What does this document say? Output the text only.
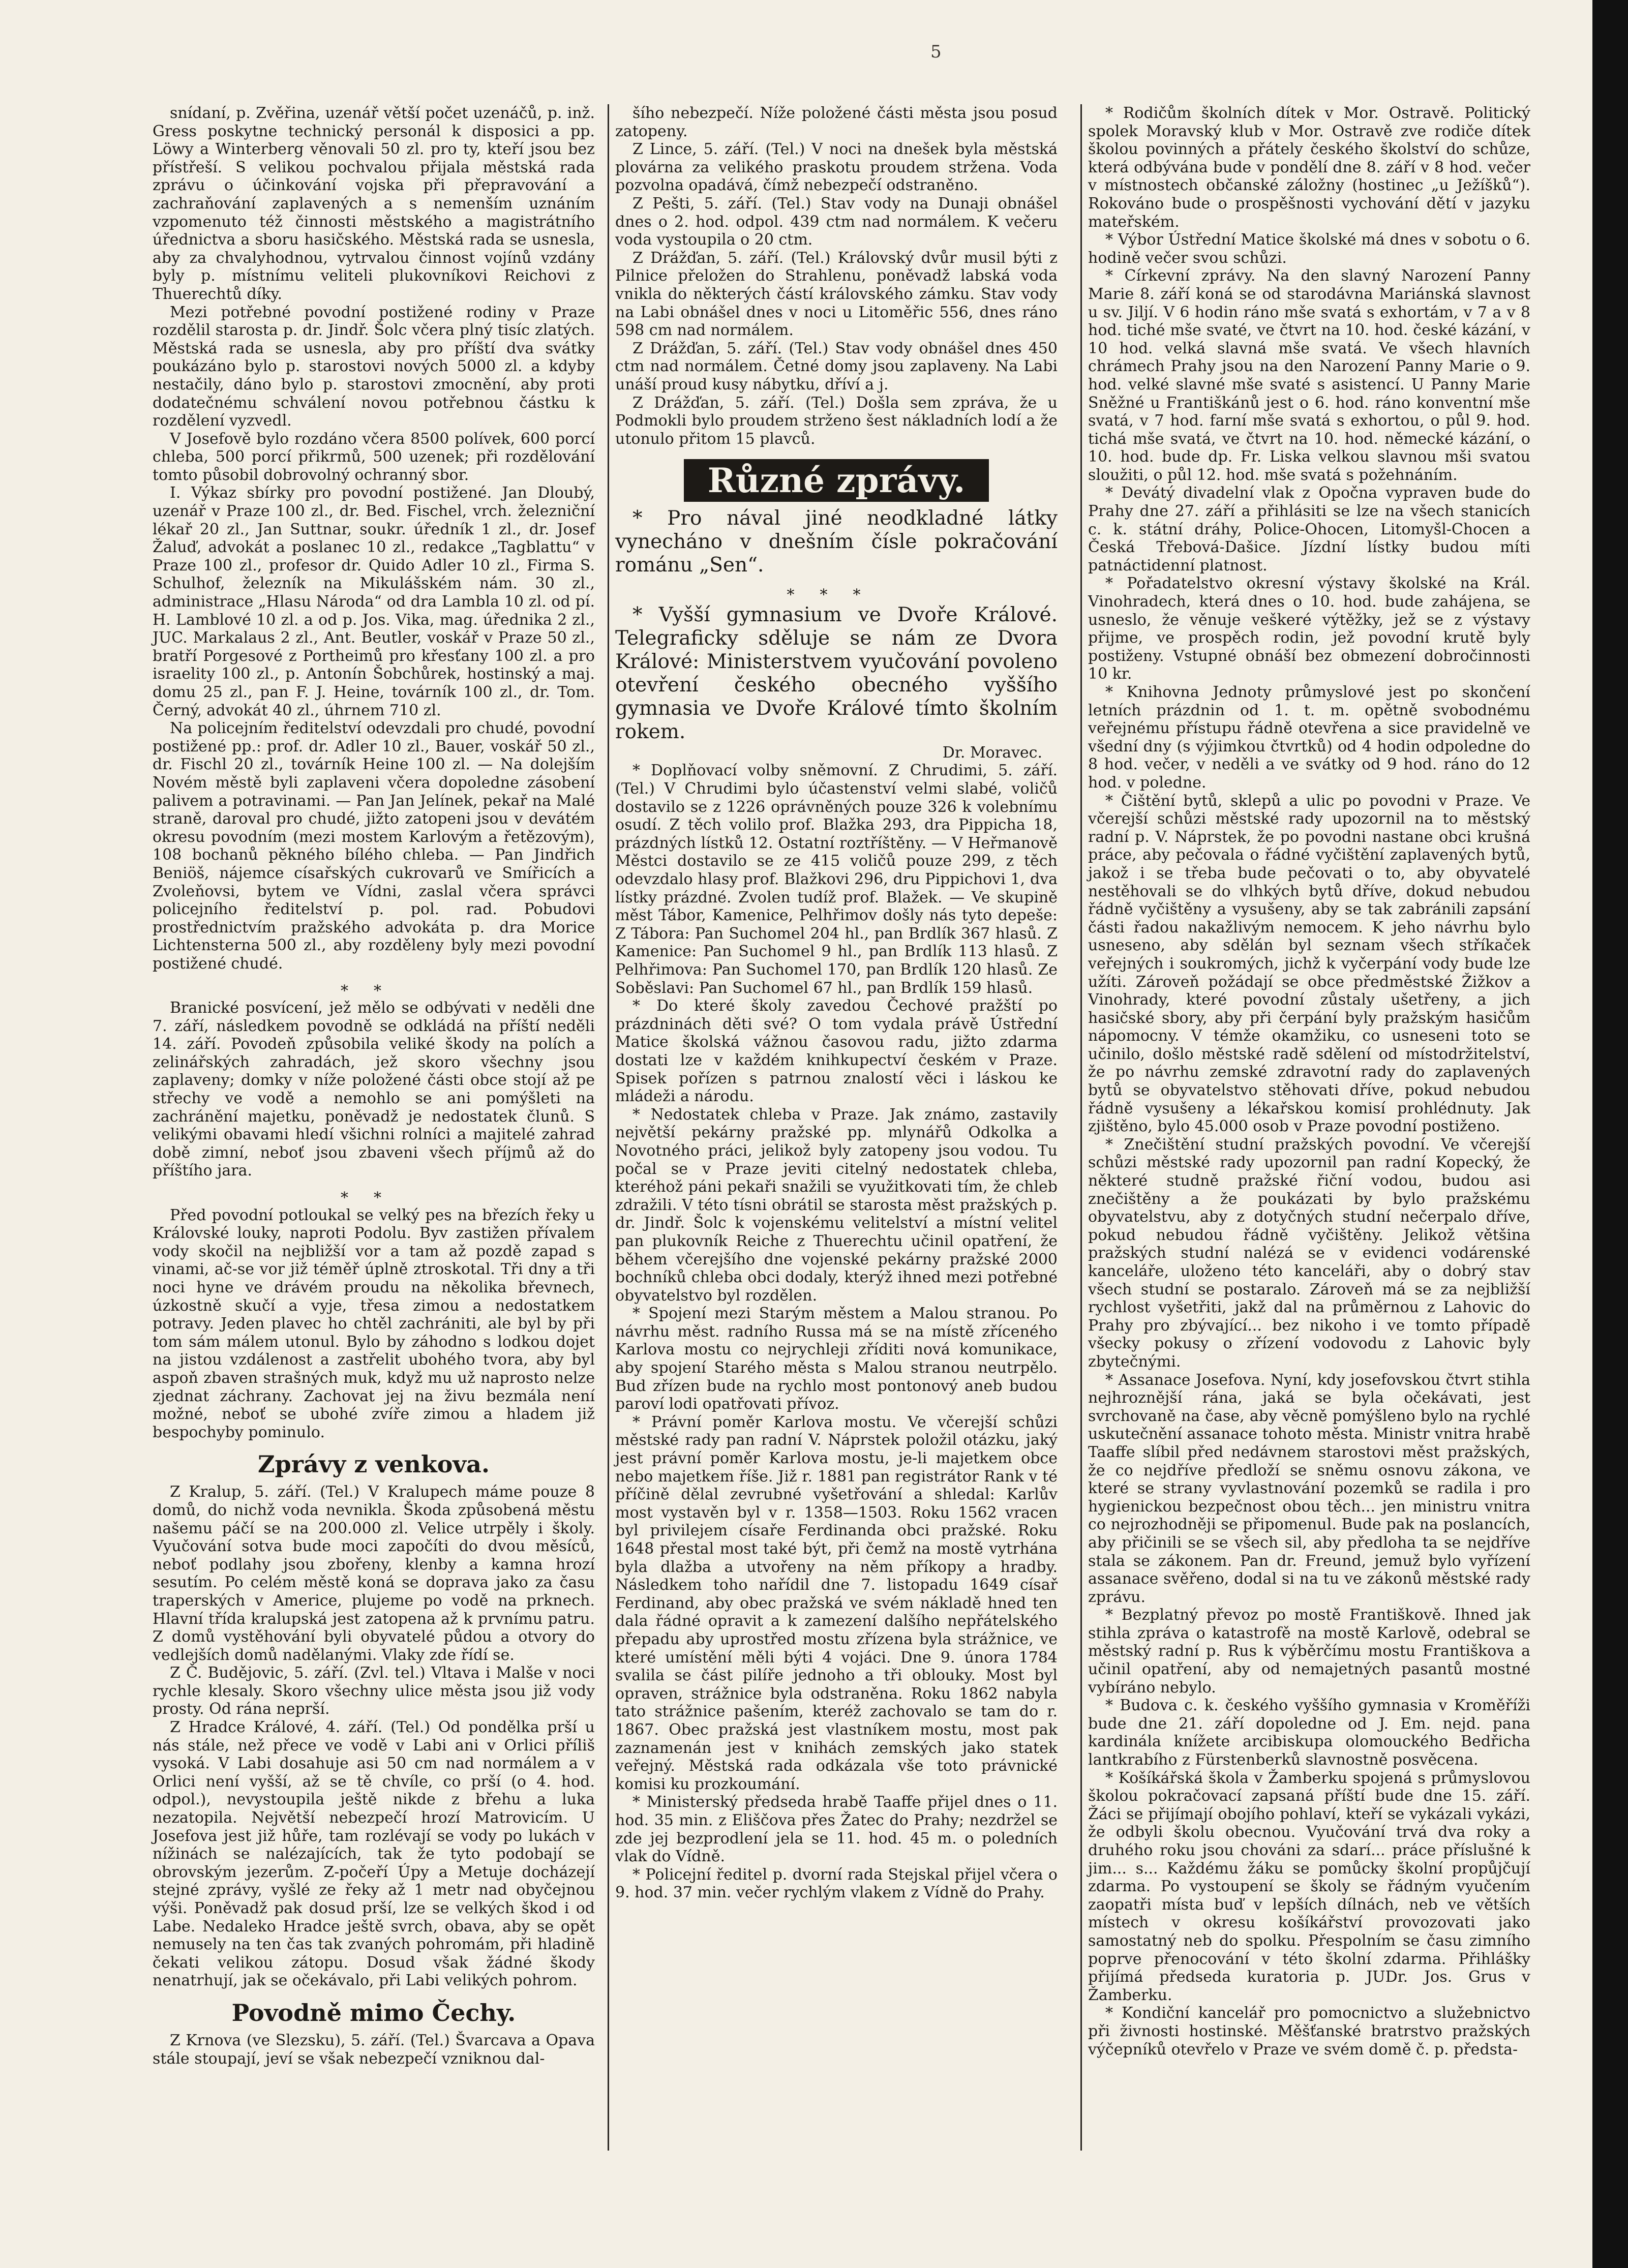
5

snídaní, p. Zvěřina, uzenář větší počet uzenáčů, p. inž. Gress poskytne technický personál k disposici a pp. Löwy a Winterberg věnovali 50 zl. pro ty, kteří jsou bez přístřeší. S velikou pochvalou přijala městská rada zprávu o účinkování vojska při přepravování a zachraňování zaplavených a s nemenším uznáním vzpomenuto též činnosti městského a magistrátního úřednictva a sboru hasičského. Městská rada se usnesla, aby za chvalyhodnou, vytrvalou činnost vojínů vzdány byly p. místnímu veliteli plukovníkovi Reichovi z Thuerechtů díky.

Mezi potřebné povodní postižené rodiny v Praze rozdělil starosta p. dr. Jindř. Šolc včera plný tisíc zlatých. Městská rada se usnesla, aby pro příští dva svátky poukázáno bylo p. starostovi nových 5000 zl. a kdyby nestačily, dáno bylo p. starostovi zmocnění, aby proti dodatečnému schválení novou potřebnou částku k rozdělení vyzvedl.

V Josefově bylo rozdáno včera 8500 polívek, 600 porcí chleba, 500 porcí přikrmů, 500 uzenek; při rozdělování tomto působil dobrovolný ochranný sbor.

I. Výkaz sbírky pro povodní postižené. Jan Dloubý, uzenář v Praze 100 zl., dr. Bed. Fischel, vrch. železniční lékař 20 zl., Jan Suttnar, soukr. úředník 1 zl., dr. Josef Žaluď, advokát a poslanec 10 zl., redakce „Tagblattu“ v Praze 100 zl., profesor dr. Quido Adler 10 zl., Firma S. Schulhof, železník na Mikulášském nám. 30 zl., administrace „Hlasu Národa“ od dra Lambla 10 zl. od pí. H. Lamblové 10 zl. a od p. Jos. Vika, mag. úřednika 2 zl., JUC. Markalaus 2 zl., Ant. Beutler, voskář v Praze 50 zl., bratří Porgesové z Portheimů pro křesťany 100 zl. a pro israelity 100 zl., p. Antonín Šobchůrek, hostinský a maj. domu 25 zl., pan F. J. Heine, továrník 100 zl., dr. Tom. Černý, advokát 40 zl., úhrnem 710 zl.

Na policejním ředitelství odevzdali pro chudé, povodní postižené pp.: prof. dr. Adler 10 zl., Bauer, voskář 50 zl., dr. Fischl 20 zl., továrník Heine 100 zl. — Na dolejším Novém městě byli zaplaveni včera dopoledne zásobení palivem a potravinami. — Pan Jan Jelínek, pekař na Malé straně, daroval pro chudé, jižto zatopeni jsou v devátém okresu povodním (mezi mostem Karlovým a řetězovým), 108 bochanů pěkného bílého chleba. — Pan Jindřich Beniöš, nájemce císařských cukrovarů ve Smířicích a Zvoleňovsi, bytem ve Vídni, zaslal včera správci policejního ředitelství p. pol. rad. Pobudovi prostřednictvím pražského advokáta p. dra Morice Lichtensterna 500 zl., aby rozděleny byly mezi povodní postižené chudé.

⁎⁎

Branické posvícení, jež mělo se odbývati v neděli dne 7. září, následkem povodně se odkládá na příští neděli 14. září. Povodeň způsobila veliké škody na polích a zelinářských zahradách, jež skoro všechny jsou zaplaveny; domky v níže položené části obce stojí až pe střechy ve vodě a nemohlo se ani pomýšleti na zachránění majetku, poněvadž je nedostatek člunů. S velikými obavami hledí všichni rolníci a majitelé zahrad době zimní, neboť jsou zbaveni všech příjmů až do příštího jara.

⁎⁎

Před povodní potloukal se velký pes na březích řeky u Královské louky, naproti Podolu. Byv zastižen přívalem vody skočil na nejbližší vor a tam až pozdě zapad s vinami, ač-se vor již téměř úplně ztroskotal. Tři dny a tři noci hyne ve drávém proudu na několika břevnech, úzkostně skučí a vyje, třesa zimou a nedostatkem potravy. Jeden plavec ho chtěl zachrániti, ale byl by při tom sám málem utonul. Bylo by záhodno s lodkou dojet na jistou vzdálenost a zastřelit ubohého tvora, aby byl aspoň zbaven strašných muk, když mu už naprosto nelze zjednat záchrany. Zachovat jej na živu bezmála není možné, neboť se ubohé zvíře zimou a hladem již bespochyby pominulo.

Zprávy z venkova.

Z Kralup, 5. září. (Tel.) V Kralupech máme pouze 8 domů, do nichž voda nevnikla. Škoda způsobená městu našemu páčí se na 200.000 zl. Velice utrpěly i školy. Vyučování sotva bude moci započíti do dvou měsíců, neboť podlahy jsou zbořeny, klenby a kamna hrozí sesutím. Po celém městě koná se doprava jako za času traperských v Americe, plujeme po vodě na prknech. Hlavní třída kralupská jest zatopena až k prvnímu patru. Z domů vystěhování byli obyvatelé půdou a otvory do vedlejších domů nadělanými. Vlaky zde řídí se.

Z Č. Budějovic, 5. září. (Zvl. tel.) Vltava i Malše v noci rychle klesaly. Skoro všechny ulice města jsou již vody prosty. Od rána neprší.

Z Hradce Králové, 4. září. (Tel.) Od pondělka prší u nás stále, než přece ve vodě v Labi ani v Orlici příliš vysoká. V Labi dosahuje asi 50 cm nad normálem a v Orlici není vyšší, až se tě chvíle, co prší (o 4. hod. odpol.), nevystoupila ještě nikde z břehu a luka nezatopila. Největší nebezpečí hrozí Matrovicím. U Josefova jest již hůře, tam rozlévají se vody po lukách v nížinách se nalézajících, tak že tyto podobají se obrovským jezerům. Z-počeří Úpy a Metuje docházejí stejné zprávy, vyšlé ze řeky až 1 metr nad obyčejnou výši. Poněvadž pak dosud prší, lze se velkých škod i od Labe. Nedaleko Hradce ještě svrch, obava, aby se opět nemusely na ten čas tak zvaných pohromám, při hladině čekati velikou zátopu. Dosud však žádné škody nenatrhují, jak se očekávalo, při Labi velikých pohrom.

Povodně mimo Čechy.

Z Krnova (ve Slezsku), 5. září. (Tel.) Švarcava a Opava stále stoupají, jeví se však nebezpečí vzniknou dal-

šího nebezpečí. Níže položené části města jsou posud zatopeny.

Z Lince, 5. září. (Tel.) V noci na dnešek byla městská plovárna za velikého praskotu proudem stržena. Voda pozvolna opadává, čímž nebezpečí odstraněno.

Z Pešti, 5. září. (Tel.) Stav vody na Dunaji obnášel dnes o 2. hod. odpol. 439 ctm nad normálem. K večeru voda vystoupila o 20 ctm.

Z Drážďan, 5. září. (Tel.) Královský dvůr musil býti z Pilnice přeložen do Strahlenu, poněvadž labská voda vnikla do některých částí královského zámku. Stav vody na Labi obnášel dnes v noci u Litoměřic 556, dnes ráno 598 cm nad normálem.

Z Drážďan, 5. září. (Tel.) Stav vody obnášel dnes 450 ctm nad normálem. Četné domy jsou zaplaveny. Na Labi unáší proud kusy nábytku, dříví a j.

Z Drážďan, 5. září. (Tel.) Došla sem zpráva, že u Podmokli bylo proudem strženo šest nákladních lodí a že utonulo přitom 15 plavců.

Různé zprávy.

* Pro nával jiné neodkladné látky vynecháno v dnešním čísle pokračování románu „Sen“.

⁎⁎⁎

* Vyšší gymnasium ve Dvoře Králové. Telegraficky sděluje se nám ze Dvora Králové: Ministerstvem vyučování povoleno otevření českého obecného vyššího gymnasia ve Dvoře Králové tímto školním rokem.

Dr. Moravec.

* Doplňovací volby sněmovní. Z Chrudimi, 5. září. (Tel.) V Chrudimi bylo účastenství velmi slabé, voličů dostavilo se z 1226 oprávněných pouze 326 k volebnímu osudí. Z těch volilo prof. Blažka 293, dra Pippicha 18, prázdných lístků 12. Ostatní roztříštěny. — V Heřmanově Městci dostavilo se ze 415 voličů pouze 299, z těch odevzdalo hlasy prof. Blažkovi 296, dru Pippichovi 1, dva lístky prázdné. Zvolen tudíž prof. Blažek. — Ve skupině měst Tábor, Kamenice, Pelhřimov došly nás tyto depeše: Z Tábora: Pan Suchomel 204 hl., pan Brdlík 367 hlasů. Z Kamenice: Pan Suchomel 9 hl., pan Brdlík 113 hlasů. Z Pelhřimova: Pan Suchomel 170, pan Brdlík 120 hlasů. Ze Soběslavi: Pan Suchomel 67 hl., pan Brdlík 159 hlasů.

* Do které školy zavedou Čechové pražští po prázdninách děti své? O tom vydala právě Ústřední Matice školská vážnou časovou radu, jižto zdarma dostati lze v každém knihkupectví českém v Praze. Spisek pořízen s patrnou znalostí věci i láskou ke mládeži a národu.

* Nedostatek chleba v Praze. Jak známo, zastavily největší pekárny pražské pp. mlynářů Odkolka a Novotného práci, jelikož byly zatopeny jsou vodou. Tu počal se v Praze jeviti citelný nedostatek chleba, kteréhož páni pekaři snažili se využitkovati tím, že chleb zdražili. V této tísni obrátil se starosta měst pražských p. dr. Jindř. Šolc k vojenskému velitelství a místní velitel pan plukovník Reiche z Thuerechtu učinil opatření, že během včerejšího dne vojenské pekárny pražské 2000 bochníků chleba obci dodaly, kterýž ihned mezi potřebné obyvatelstvo byl rozdělen.

* Spojení mezi Starým městem a Malou stranou. Po návrhu měst. radního Russa má se na místě zříceného Karlova mostu co nejrychleji zříditi nová komunikace, aby spojení Starého města s Malou stranou neutrpělo. Bud zřízen bude na rychlo most pontonový aneb budou paroví lodi opatřovati přívoz.

* Právní poměr Karlova mostu. Ve včerejší schůzi městské rady pan radní V. Náprstek položil otázku, jaký jest právní poměr Karlova mostu, je-li majetkem obce nebo majetkem říše. Již r. 1881 pan registrátor Rank v té příčině dělal zevrubné vyšetřování a shledal: Karlův most vystavěn byl v r. 1358—1503. Roku 1562 vracen byl privilejem císaře Ferdinanda obci pražské. Roku 1648 přestal most také být, při čemž na mostě vytrhána byla dlažba a utvořeny na něm příkopy a hradby. Následkem toho nařídil dne 7. listopadu 1649 císař Ferdinand, aby obec pražská ve svém nákladě hned ten dala řádné opravit a k zamezení dalšího nepřátelského přepadu aby uprostřed mostu zřízena byla strážnice, ve které umístění měli býti 4 vojáci. Dne 9. února 1784 svalila se část pilíře jednoho a tři oblouky. Most byl opraven, strážnice byla odstraněna. Roku 1862 nabyla tato strážnice pašením, kteréž zachovalo se tam do r. 1867. Obec pražská jest vlastníkem mostu, most pak zaznamenán jest v knihách zemských jako statek veřejný. Městská rada odkázala vše toto právnické komisi ku prozkoumání.

* Ministerský předseda hrabě Taaffe přijel dnes o 11. hod. 35 min. z Eliščova přes Žatec do Prahy; nezdržel se zde jej bezprodlení jela se 11. hod. 45 m. o poledních vlak do Vídně.

* Policejní ředitel p. dvorní rada Stejskal přijel včera o 9. hod. 37 min. večer rychlým vlakem z Vídně do Prahy.

* Rodičům školních dítek v Mor. Ostravě. Politický spolek Moravský klub v Mor. Ostravě zve rodiče dítek školou povinných a přátely českého školství do schůze, která odbývána bude v pondělí dne 8. září v 8 hod. večer v místnostech občanské záložny (hostinec „u Ježíšků“). Rokováno bude o prospěšnosti vychování dětí v jazyku mateřském.

* Výbor Ústřední Matice školské má dnes v sobotu o 6. hodině večer svou schůzi.

* Církevní zprávy. Na den slavný Narození Panny Marie 8. září koná se od starodávna Mariánská slavnost u sv. Jiljí. V 6 hodin ráno mše svatá s exhortám, v 7 a v 8 hod. tiché mše svaté, ve čtvrt na 10. hod. české kázání, v 10 hod. velká slavná mše svatá. Ve všech hlavních chrámech Prahy jsou na den Narození Panny Marie o 9. hod. velké slavné mše svaté s asistencí. U Panny Marie Sněžné u Františkánů jest o 6. hod. ráno konventní mše svatá, v 7 hod. farní mše svatá s exhortou, o půl 9. hod. tichá mše svatá, ve čtvrt na 10. hod. německé kázání, o 10. hod. bude dp. Fr. Liska velkou slavnou mši svatou sloužiti, o půl 12. hod. mše svatá s požehnáním.

* Devátý divadelní vlak z Opočna vypraven bude do Prahy dne 27. září a přihlásiti se lze na všech stanicích c. k. státní dráhy, Police-Ohocen, Litomyšl-Chocen a Česká Třebová-Dašice. Jízdní lístky budou míti patnáctidenní platnost.

* Pořadatelstvo okresní výstavy školské na Král. Vinohradech, která dnes o 10. hod. bude zahájena, se usneslo, že věnuje veškeré výtěžky, jež se z výstavy přijme, ve prospěch rodin, jež povodní krutě byly postiženy. Vstupné obnáší bez obmezení dobročinnosti 10 kr.

* Knihovna Jednoty průmyslové jest po skončení letních prázdnin od 1. t. m. opětně svobodnému veřejnému přístupu řádně otevřena a sice pravidelně ve všední dny (s výjimkou čtvrtků) od 4 hodin odpoledne do 8 hod. večer, v neděli a ve svátky od 9 hod. ráno do 12 hod. v poledne.

* Čištění bytů, sklepů a ulic po povodni v Praze. Ve včerejší schůzi městské rady upozornil na to městský radní p. V. Náprstek, že po povodni nastane obci krušná práce, aby pečovala o řádné vyčištění zaplavených bytů, jakož i se třeba bude pečovati o to, aby obyvatelé nestěhovali se do vlhkých bytů dříve, dokud nebudou řádně vyčištěny a vysušeny, aby se tak zabránili zapsání části řadou nakažlivým nemocem. K jeho návrhu bylo usneseno, aby sdělán byl seznam všech stříkaček veřejných i soukromých, jichž k vyčerpání vody bude lze užíti. Zároveň požádají se obce předměstské Žižkov a Vinohrady, které povodní zůstaly ušetřeny, a jich hasičské sbory, aby při čerpání byly pražským hasičům nápomocny. V témže okamžiku, co usneseni toto se učinilo, došlo městské radě sdělení od místodržitelství, že po návrhu zemské zdravotní rady do zaplavených bytů se obyvatelstvo stěhovati dříve, pokud nebudou řádně vysušeny a lékařskou komisí prohlédnuty. Jak zjištěno, bylo 45.000 osob v Praze povodní postiženo.

* Znečištění studní pražských povodní. Ve včerejší schůzi městské rady upozornil pan radní Kopecký, že některé studně pražské řiční vodou, budou asi znečištěny a že poukázati by bylo pražskému obyvatelstvu, aby z dotyčných studní nečerpalo dříve, pokud nebudou řádně vyčištěny. Jelikož většina pražských studní nalézá se v evidenci vodárenské kanceláře, uloženo této kanceláři, aby o dobrý stav všech studní se postaralo. Zároveň má se za nejbližší rychlost vyšetřiti, jakž dal na průměrnou z Lahovic do Prahy pro zbývající... bez nikoho i ve tomto případě všecky pokusy o zřízení vodovodu z Lahovic byly zbytečnými.

* Assanace Josefova. Nyní, kdy josefovskou čtvrt stihla nejhroznější rána, jaká se byla očekávati, jest svrchovaně na čase, aby věcně pomýšleno bylo na rychlé uskutečnění assanace tohoto města. Ministr vnitra hrabě Taaffe slíbil před nedávnem starostovi měst pražských, že co nejdříve předloží se sněmu osnovu zákona, ve které se strany vyvlastnování pozemků se radila i pro hygienickou bezpečnost obou těch... jen ministru vnitra co nejrozhodněji se připomenul. Bude pak na poslancích, aby přičinili se se všech sil, aby předloha ta se nejdříve stala se zákonem. Pan dr. Freund, jemuž bylo vyřízení assanace svěřeno, dodal si na tu ve zákonů městské rady zprávu.

* Bezplatný převoz po mostě Františkově. Ihned jak stihla zpráva o katastrofě na mostě Karlově, odebral se městský radní p. Rus k výběrčímu mostu Františkova a učinil opatření, aby od nemajetných pasantů mostné vybíráno nebylo.

* Budova c. k. českého vyššího gymnasia v Kroměříži bude dne 21. září dopoledne od J. Em. nejd. pana kardinála knížete arcibiskupa olomouckého Bedřicha lantkrabího z Fürstenberků slavnostně posvěcena.

* Košíkářská škola v Žamberku spojená s průmyslovou školou pokračovací zapsaná příští bude dne 15. září. Žáci se přijímají obojího pohlaví, kteří se vykázali vykázi, že odbyli školu obecnou. Vyučování trvá dva roky a druhého roku jsou chováni za sdarí... práce příslušné k jim... s... Každému žáku se pomůcky školní propůjčují zdarma. Po vystoupení se školy se řádným vyučením zaopatři místa buď v lepších dílnách, neb ve větších místech v okresu košíkářství provozovati jako samostatný neb do spolku. Přespolním se času zimního poprve přenocování v této školní zdarma. Přihlášky přijímá předseda kuratoria p. JUDr. Jos. Grus v Žamberku.

* Kondiční kancelář pro pomocnictvo a služebnictvo při živnosti hostinské. Měšťanské bratrstvo pražských výčepníků otevřelo v Praze ve svém domě č. p. předsta-
